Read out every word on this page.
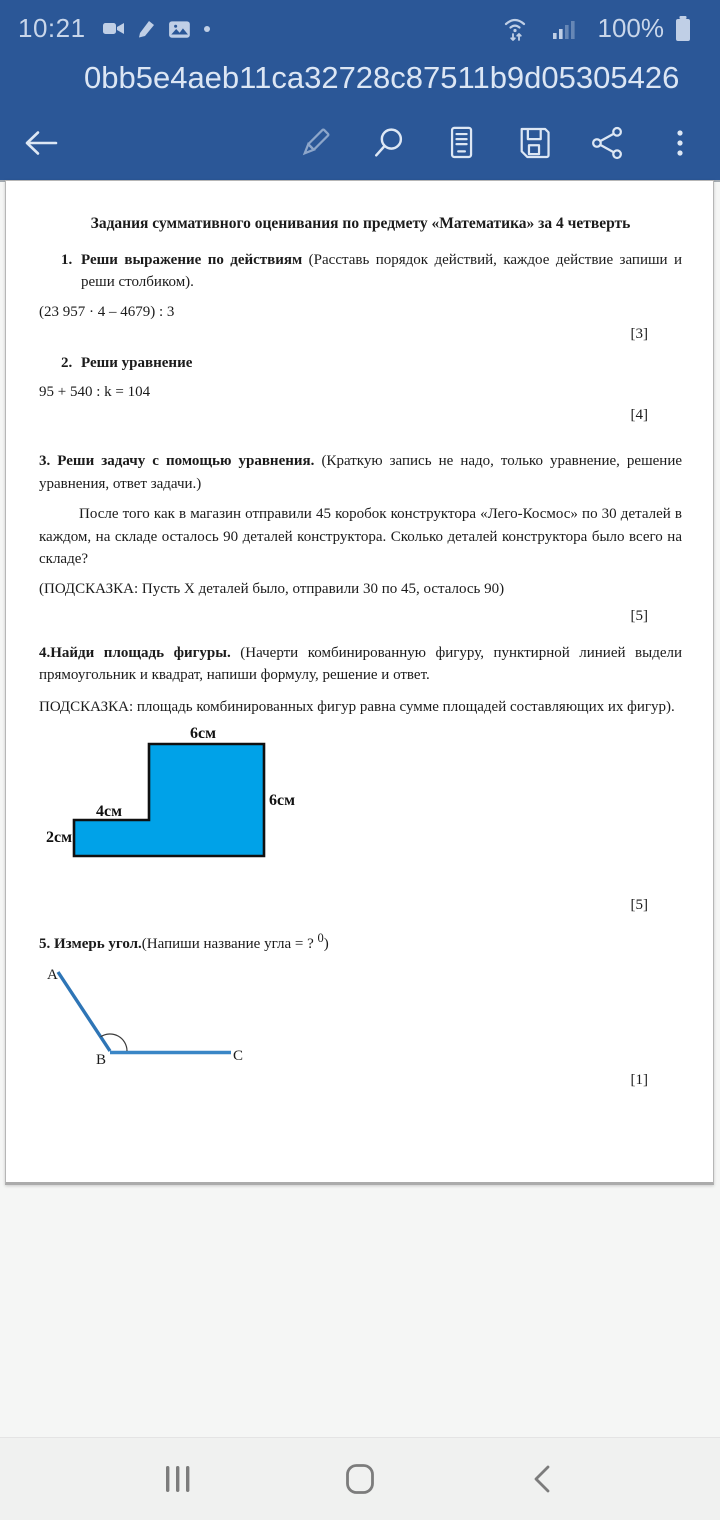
10:21	100%
0bb5e4aeb11ca32728c87511b9d05305426
Задания суммативного оценивания по предмету «Математика» за 4 четверть
1. Реши выражение по действиям (Расставь порядок действий, каждое действие запиши и реши столбиком).
(23 957 · 4 – 4679) : 3
[3]
2. Реши уравнение
95 + 540 : k = 104
[4]
3. Реши задачу с помощью уравнения. (Краткую запись не надо, только уравнение, решение уравнения, ответ задачи.)
После того как в магазин отправили 45 коробок конструктора «Лего-Космос» по 30 деталей в каждом, на складе осталось 90 деталей конструктора. Сколько деталей конструктора было всего на складе?
(ПОДСКАЗКА: Пусть Х деталей было, отправили 30 по 45, осталось 90)
[5]
4.Найди площадь фигуры. (Начерти комбинированную фигуру, пунктирной линией выдели прямоугольник и квадрат, напиши формулу, решение и ответ.
ПОДСКАЗКА: площадь комбинированных фигур равна сумме площадей составляющих их фигур).
6см
6см
4см
2см
[5]
5. Измерь угол.(Напиши название угла = ? $^0$)
A
B	C
[1]
